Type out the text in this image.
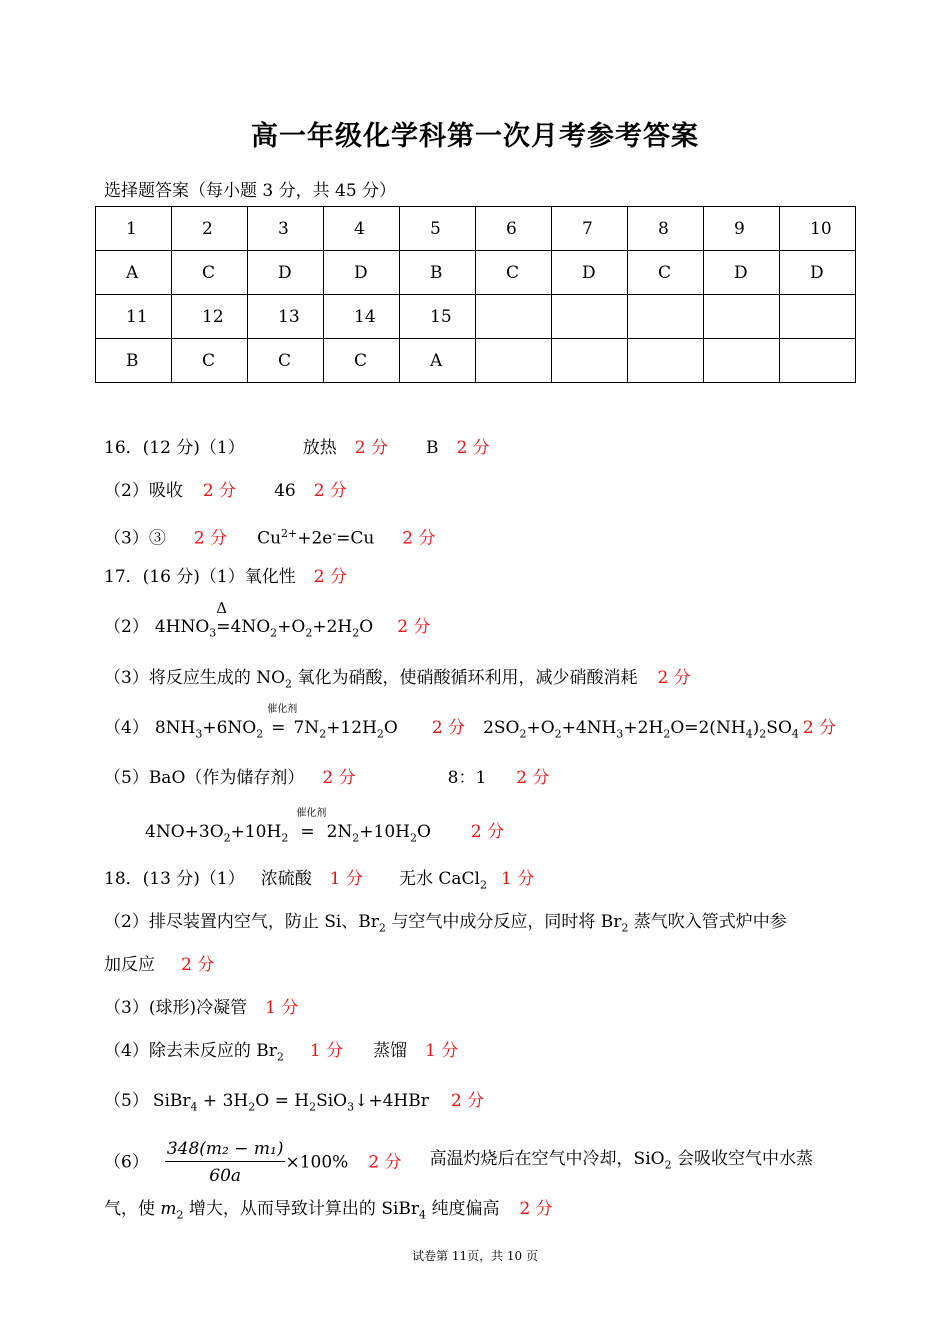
高一年级化学科第一次月考参考答案
选择题答案（每小题 3 分，共 45 分）
1	2	3	4	5	6	7	8	9	10
A	C	D	D	B	C	D	C	D	D
11	12	13	14	15					
B	C	C	C	A					
16．(12 分)（1）	放热 2 分 B 2 分
（2）吸收 2 分 46 2 分
（3）③ 2 分 $Cu^{2+}+2e^-=Cu$ 2 分
17．(16 分)（1）氧化性 2 分
（2） $4HNO_3$
Δ
$=4NO_2+O_2+2H_2O$ 2 分
（3）将反应生成的 $NO_2$ 氧化为硝酸，使硝酸循环利用，减少硝酸消耗 2 分
（4） $8NH_3+6NO_2$
催化剂
= $7N_2+12H_2O$ 2 分 $2SO_2+O_2+4NH_3+2H_2O=2(NH_4)_2SO_4$ 2 分
（5）BaO（作为储存剂） 2 分	8：1 2 分
$4NO+3O_2+10H_2$
催化剂
= $2N_2+10H_2O$ 2 分
18．(13 分)（1） 浓硫酸 1 分 无水 CaCl$_2$ 1 分
（2）排尽装置内空气，防止 Si、$Br_2$ 与空气中成分反应，同时将 $Br_2$ 蒸气吹入管式炉中参
加反应 2 分
（3）(球形)冷凝管 1 分
（4）除去未反应的 $Br_2$ 1 分 蒸馏 1 分
（5） SiBr$_4$ + $3H_2O$ = $H_2SiO_3↓+4HBr$ 2 分
$(6) \frac{\text{348(m₂ − m₁)}}{60a} \times 100\%$ 2 分 高温灼烧后在空气中冷却，SiO$_2$ 会吸收空气中水蒸
气，使 $m_2$ 增大，从而导致计算出的 SiBr$_4$ 纯度偏高 2 分
试卷第 11页，共 10 页
